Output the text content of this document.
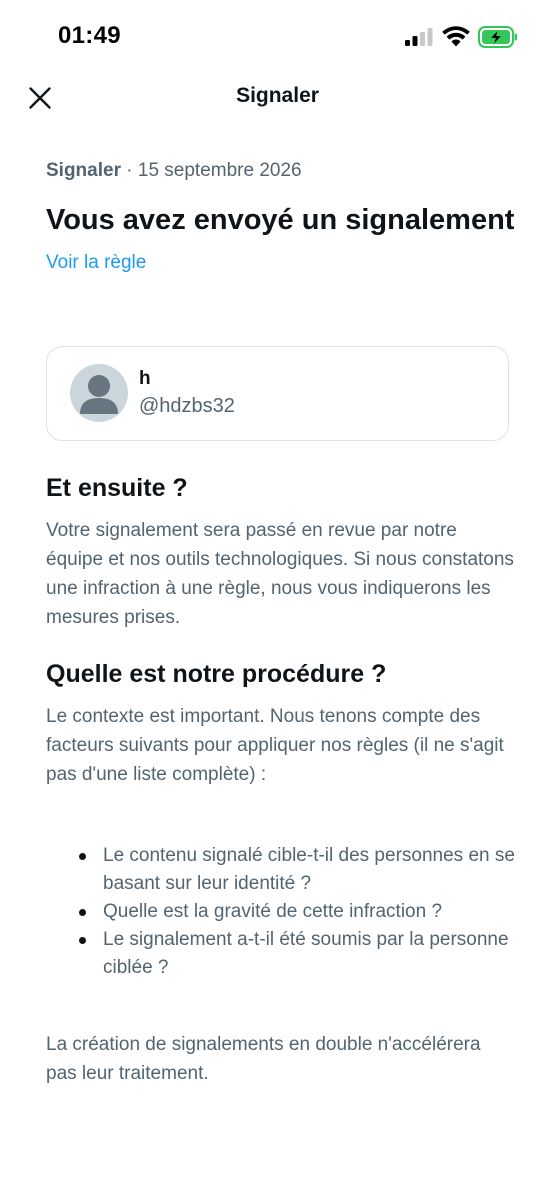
01:49
Signaler
Signaler · 15 septembre 2026
Vous avez envoyé un signalement
Voir la règle
h
@hdzbs32
Et ensuite ?

Votre signalement sera passé en revue par notre équipe et nos outils technologiques. Si nous constatons une infraction à une règle, nous vous indiquerons les mesures prises.

Quelle est notre procédure ?

Le contexte est important. Nous tenons compte des facteurs suivants pour appliquer nos règles (il ne s'agit pas d'une liste complète) :

Le contenu signalé cible-t-il des personnes en se basant sur leur identité ?
Quelle est la gravité de cette infraction ?
Le signalement a-t-il été soumis par la personne ciblée ?

La création de signalements en double n'accélérera pas leur traitement.
